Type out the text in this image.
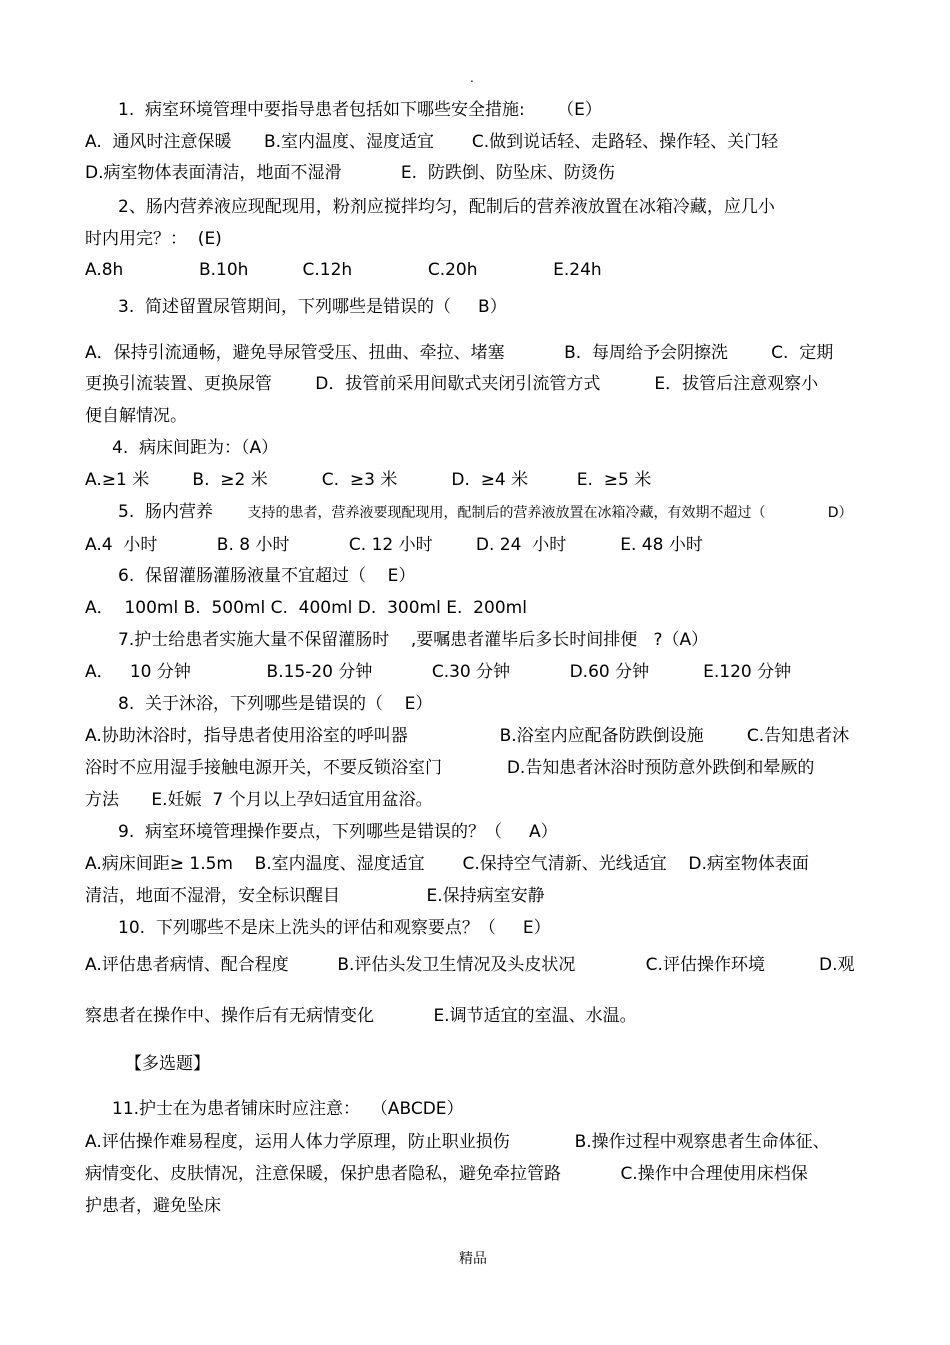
.
1.  病室环境管理中要指导患者包括如下哪些安全措施:      （E）
A.  通风时注意保暖      B.室内温度、湿度适宜       C.做到说话轻、走路轻、操作轻、关门轻
D.病室物体表面清洁，地面不湿滑           E.  防跌倒、防坠床、防烫伤
2、肠内营养液应现配现用，粉剂应搅拌均匀，配制后的营养液放置在冰箱冷藏，应几小
时内用完？：  (E)
A.8h              B.10h          C.12h              C.20h              E.24h
3.  简述留置尿管期间，下列哪些是错误的（     B）
A．保持引流通畅，避免导尿管受压、扭曲、牵拉、堵塞           B.  每周给予会阴擦洗        C.  定期
更换引流装置、更换尿管        D．拔管前采用间歇式夹闭引流管方式          E．拔管后注意观察小
便自解情况。
4.  病床间距为：（A）
A.≥1 米        B.  ≥2 米          C.  ≥3 米          D.  ≥4 米         E.  ≥5 米
5.  肠内营养 支持的患者，营养液要现配现用，配制后的营养液放置在冰箱冷藏，有效期不超过（              D）
A.4  小时           B. 8 小时           C. 12 小时        D. 24  小时          E. 48 小时
6.  保留灌肠灌肠液量不宜超过（    E）
A．  100ml B.  500ml C.  400ml D.  300ml E.  200ml
7.护士给患者实施大量不保留灌肠时    ,要嘱患者灌毕后多长时间排便   ?（A）
A．   10 分钟              B.15-20 分钟           C.30 分钟           D.60 分钟          E.120 分钟
8.  关于沐浴，下列哪些是错误的（    E）
A.协助沐浴时，指导患者使用浴室的呼叫器                 B.浴室内应配备防跌倒设施        C.告知患者沐
浴时不应用湿手接触电源开关，不要反锁浴室门            D.告知患者沐浴时预防意外跌倒和晕厥的
方法      E.妊娠  7 个月以上孕妇适宜用盆浴。
9.  病室环境管理操作要点，下列哪些是错误的？（     A）
A.病床间距≥ 1.5m    B.室内温度、湿度适宜       C.保持空气清新、光线适宜    D.病室物体表面
清洁，地面不湿滑，安全标识醒目                E.保持病室安静
10.  下列哪些不是床上洗头的评估和观察要点？（     E）
A.评估患者病情、配合程度         B.评估头发卫生情况及头皮状况             C.评估操作环境          D.观
察患者在操作中、操作后有无病情变化           E.调节适宜的室温、水温。
【多选题】
11.护士在为患者铺床时应注意：  （ABCDE）
A.评估操作难易程度，运用人体力学原理，防止职业损伤            B.操作过程中观察患者生命体征、
病情变化、皮肤情况，注意保暖，保护患者隐私，避免牵拉管路           C.操作中合理使用床档保
护患者，避免坠床
精品
